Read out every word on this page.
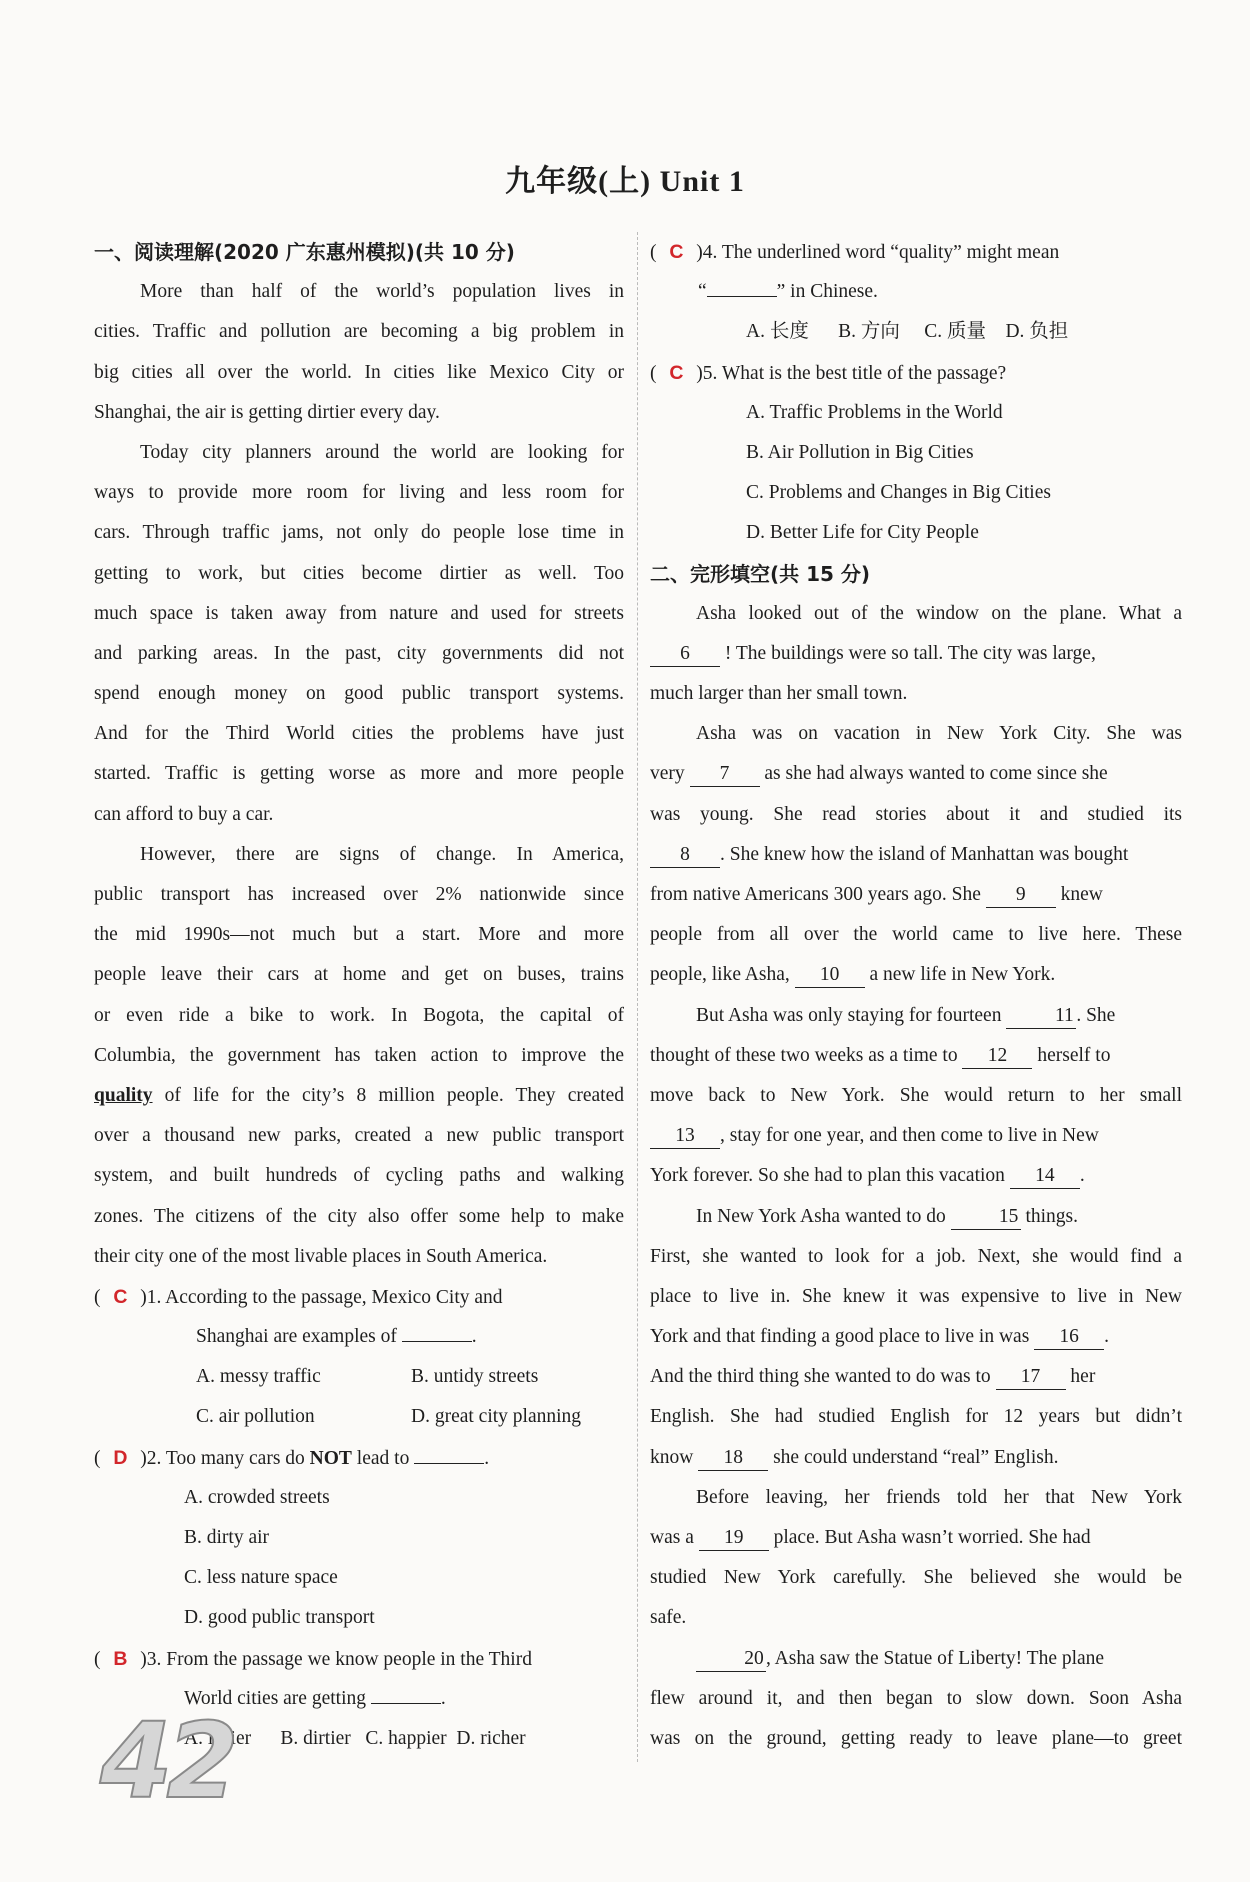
九年级(上) Unit 1
一、阅读理解(2020 广东惠州模拟)(共 10 分)
More than half of the world’s population lives in
cities. Traffic and pollution are becoming a big problem in
big cities all over the world. In cities like Mexico City or
Shanghai, the air is getting dirtier every day.
Today city planners around the world are looking for
ways to provide more room for living and less room for
cars. Through traffic jams, not only do people lose time in
getting to work, but cities become dirtier as well. Too
much space is taken away from nature and used for streets
and parking areas. In the past, city governments did not
spend enough money on good public transport systems.
And for the Third World cities the problems have just
started. Traffic is getting worse as more and more people
can afford to buy a car.
However, there are signs of change. In America,
public transport has increased over 2% nationwide since
the mid 1990s—not much but a start. More and more
people leave their cars at home and get on buses, trains
or even ride a bike to work. In Bogota, the capital of
Columbia, the government has taken action to improve the
quality of life for the city’s 8 million people. They created
over a thousand new parks, created a new public transport
system, and built hundreds of cycling paths and walking
zones. The citizens of the city also offer some help to make
their city one of the most livable places in South America.
( C )1. According to the passage, Mexico City and
Shanghai are examples of	.
A. messy traffic	B. untidy streets
C. air pollution	D. great city planning
( D )2. Too many cars do NOT lead to	.
A. crowded streets
B. dirty air
C. less nature space
D. good public transport
( B )3. From the passage we know people in the Third
World cities are getting	.
A. lazier      B. dirtier   C. happier  D. richer
( C )4. The underlined word “quality” might mean
“	” in Chinese.
A. 长度      B. 方向     C. 质量    D. 负担
( C )5. What is the best title of the passage?
A. Traffic Problems in the World
B. Air Pollution in Big Cities
C. Problems and Changes in Big Cities
D. Better Life for City People
二、完形填空(共 15 分)
Asha looked out of the window on the plane. What a
6 ! The buildings were so tall. The city was large,
much larger than her small town.
Asha was on vacation in New York City. She was
very 7 as she had always wanted to come since she
was young. She read stories about it and studied its
8 . She knew how the island of Manhattan was bought
from native Americans 300 years ago. She 9 knew
people from all over the world came to live here. These
people, like Asha, 10 a new life in New York.
But Asha was only staying for fourteen	11 . She
thought of these two weeks as a time to 12 herself to
move back to New York. She would return to her small
13 , stay for one year, and then come to live in New
York forever. So she had to plan this vacation 14 .
In New York Asha wanted to do	15 things.
First, she wanted to look for a job. Next, she would find a
place to live in. She knew it was expensive to live in New
York and that finding a good place to live in was 16 .
And the third thing she wanted to do was to 17 her
English. She had studied English for 12 years but didn’t
know 18 she could understand “real” English.
Before leaving, her friends told her that New York
was a 19 place. But Asha wasn’t worried. She had
studied New York carefully. She believed she would be
safe.
20 , Asha saw the Statue of Liberty! The plane
flew around it, and then began to slow down. Soon Asha
was on the ground, getting ready to leave plane—to greet
42
